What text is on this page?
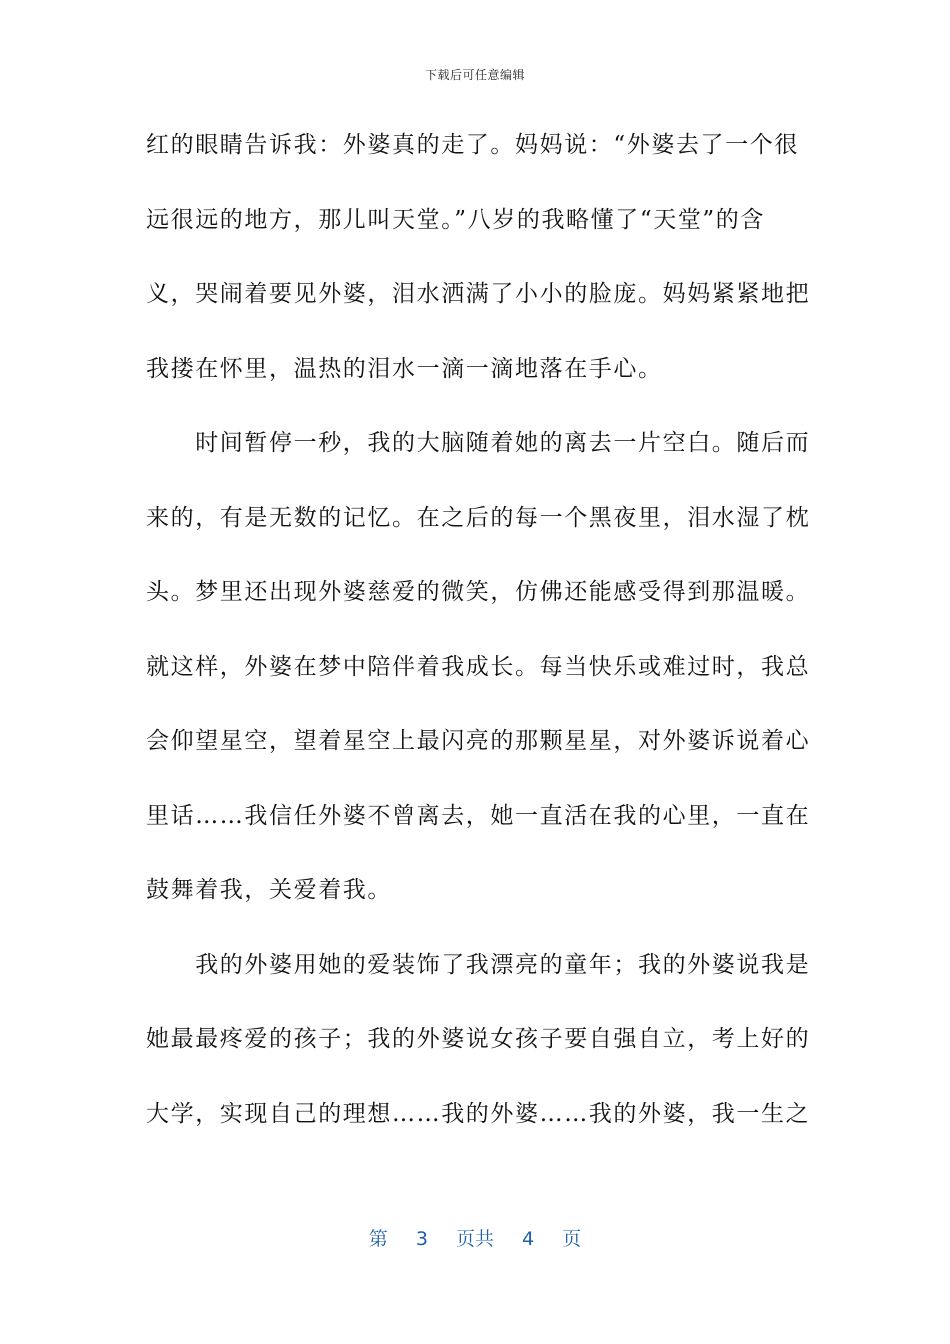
下载后可任意编辑
红的眼睛告诉我：外婆真的走了。妈妈说：“外婆去了一个很
远很远的地方，那儿叫天堂。”八岁的我略懂了“天堂”的含
义，哭闹着要见外婆，泪水洒满了小小的脸庞。妈妈紧紧地把
我搂在怀里，温热的泪水一滴一滴地落在手心。
　　时间暂停一秒，我的大脑随着她的离去一片空白。随后而
来的，有是无数的记忆。在之后的每一个黑夜里，泪水湿了枕
头。梦里还出现外婆慈爱的微笑，仿佛还能感受得到那温暖。
就这样，外婆在梦中陪伴着我成长。每当快乐或难过时，我总
会仰望星空，望着星空上最闪亮的那颗星星，对外婆诉说着心
里话……我信任外婆不曾离去，她一直活在我的心里，一直在
鼓舞着我，关爱着我。
　　我的外婆用她的爱装饰了我漂亮的童年；我的外婆说我是
她最最疼爱的孩子；我的外婆说女孩子要自强自立，考上好的
大学，实现自己的理想……我的外婆……我的外婆，我一生之
第 3 页共 4 页
